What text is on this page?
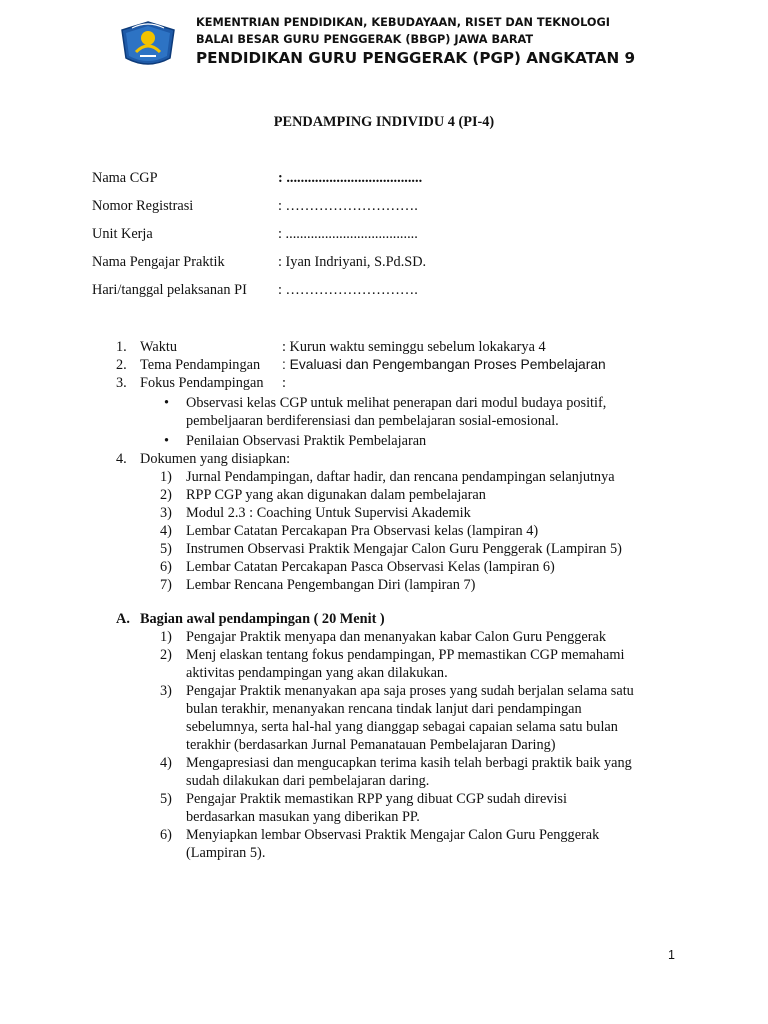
KEMENTRIAN PENDIDIKAN, KEBUDAYAAN, RISET DAN TEKNOLOGI
BALAI BESAR GURU PENGGERAK (BBGP) JAWA BARAT
PENDIDIKAN GURU PENGGERAK (PGP) ANGKATAN 9
PENDAMPING INDIVIDU 4 (PI-4)
Nama CGP	: ......................................
Nomor Registrasi	: ……………………….
Unit Kerja	: .....................................
Nama Pengajar Praktik	: Iyan Indriyani, S.Pd.SD.
Hari/tanggal pelaksanan PI : ……………………….
1. Waktu	: Kurun waktu seminggu sebelum lokakarya 4
2. Tema Pendampingan : Evaluasi dan Pengembangan Proses Pembelajaran
3. Fokus Pendampingan :
• Observasi kelas CGP untuk melihat penerapan dari modul budaya positif,
pembeljaaran berdiferensiasi dan pembelajaran sosial-emosional.
• Penilaian Observasi Praktik Pembelajaran
4. Dokumen yang disiapkan:
1) Jurnal Pendampingan, daftar hadir, dan rencana pendampingan selanjutnya
2) RPP CGP yang akan digunakan dalam pembelajaran
3) Modul 2.3 : Coaching Untuk Supervisi Akademik
4) Lembar Catatan Percakapan Pra Observasi kelas (lampiran 4)
5) Instrumen Observasi Praktik Mengajar Calon Guru Penggerak (Lampiran 5)
6) Lembar Catatan Percakapan Pasca Observasi Kelas (lampiran 6)
7) Lembar Rencana Pengembangan Diri (lampiran 7)
A. Bagian awal pendampingan ( 20 Menit )
1) Pengajar Praktik menyapa dan menanyakan kabar Calon Guru Penggerak
2) Menj elaskan tentang fokus pendampingan, PP memastikan CGP memahami
aktivitas pendampingan yang akan dilakukan.
3) Pengajar Praktik menanyakan apa saja proses yang sudah berjalan selama satu
bulan terakhir, menanyakan rencana tindak lanjut dari pendampingan
sebelumnya, serta hal-hal yang dianggap sebagai capaian selama satu bulan
terakhir (berdasarkan Jurnal Pemanatauan Pembelajaran Daring)
4) Mengapresiasi dan mengucapkan terima kasih telah berbagi praktik baik yang
sudah dilakukan dari pembelajaran daring.
5) Pengajar Praktik memastikan RPP yang dibuat CGP sudah direvisi
berdasarkan masukan yang diberikan PP.
6) Menyiapkan lembar Observasi Praktik Mengajar Calon Guru Penggerak
(Lampiran 5).
1
